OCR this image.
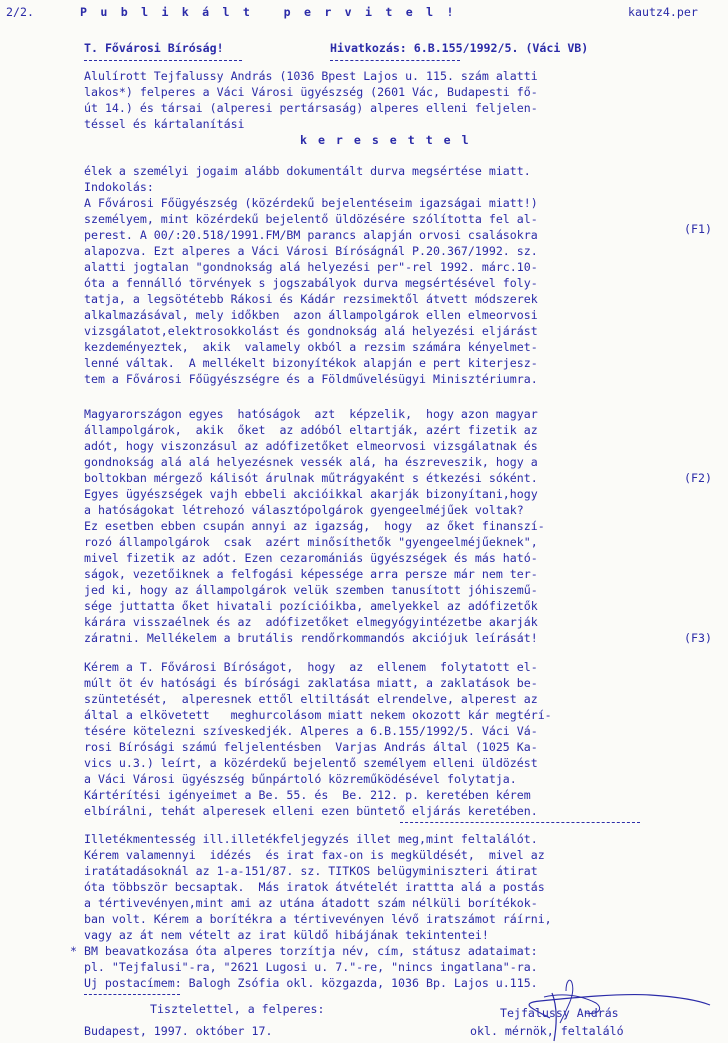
2/2.	P u b l i k á l t   p e r v i t e l !	kautz4.per
T. Fővárosi Bíróság!	Hivatkozás: 6.B.155/1992/5. (Váci VB)
Alulírott Tejfalussy András (1036 Bpest Lajos u. 115. szám alatti
lakos*) felperes a Váci Városi ügyészség (2601 Vác, Budapesti fő-
út 14.) és társai (alperesi pertársaság) alperes elleni feljelen-
téssel és kártalanítási
k e r e s e t t e l
élek a személyi jogaim alább dokumentált durva megsértése miatt.
Indokolás:
A Fővárosi Főügyészség (közérdekű bejelentéseim igazságai miatt!)
személyem, mint közérdekű bejelentő üldözésére szólította fel al-
perest. A 00/:20.518/1991.FM/BM parancs alapján orvosi csalásokra
alapozva. Ezt alperes a Váci Városi Bíróságnál P.20.367/1992. sz.
alatti jogtalan "gondnokság alá helyezési per"-rel 1992. márc.10-
óta a fennálló törvények s jogszabályok durva megsértésével foly-
tatja, a legsötétebb Rákosi és Kádár rezsimektől átvett módszerek
alkalmazásával, mely időkben  azon állampolgárok ellen elmeorvosi
vizsgálatot,elektrosokkolást és gondnokság alá helyezési eljárást
kezdeményeztek,  akik  valamely okból a rezsim számára kényelmet-
lenné váltak.  A mellékelt bizonyítékok alapján e pert kiterjesz-
tem a Fővárosi Főügyészségre és a Földművelésügyi Minisztériumra.
(F1)
Magyarországon egyes  hatóságok  azt  képzelik,  hogy azon magyar
állampolgárok,  akik  őket  az adóból eltartják, azért fizetik az
adót, hogy viszonzásul az adófizetőket elmeorvosi vizsgálatnak és
gondnokság alá alá helyezésnek vessék alá, ha észreveszik, hogy a
boltokban mérgező kálisót árulnak műtrágyaként s étkezési sóként.
Egyes ügyészségek vajh ebbeli akcióikkal akarják bizonyítani,hogy
a hatóságokat létrehozó választópolgárok gyengeelméjűek voltak?
Ez esetben ebben csupán annyi az igazság,  hogy  az őket finanszí-
rozó állampolgárok  csak  azért minősíthetők "gyengeelméjűeknek",
mivel fizetik az adót. Ezen cezaromániás ügyészségek és más ható-
ságok, vezetőiknek a felfogási képessége arra persze már nem ter-
jed ki, hogy az állampolgárok velük szemben tanusított jóhiszemű-
sége juttatta őket hivatali pozícióikba, amelyekkel az adófizetők
kárára visszaélnek és az  adófizetőket elmegyógyintézetbe akarják
záratni. Mellékelem a brutális rendőrkommandós akciójuk leírását!
(F2)
(F3)
Kérem a T. Fővárosi Bíróságot,  hogy  az  ellenem  folytatott el-
múlt öt év hatósági és bírósági zaklatása miatt, a zaklatások be-
szüntetését,  alperesnek ettől eltiltását elrendelve, alperest az
által a elkövetett   meghurcolásom miatt nekem okozott kár megtérí-
tésére kötelezni szíveskedjék. Alperes a 6.B.155/1992/5. Váci Vá-
rosi Bírósági számú feljelentésben  Varjas András által (1025 Ka-
vics u.3.) leírt, a közérdekű bejelentő személyem elleni üldözést
a Váci Városi ügyészség bűnpártoló közreműködésével folytatja.
Kártérítési igényeimet a Be. 55. és  Be. 212. p. keretében kérem
elbírálni, tehát alperesek elleni ezen büntető eljárás keretében.
Illetékmentesség ill.illetékfeljegyzés illet meg,mint feltalálót.
Kérem valamennyi  idézés  és irat fax-on is megküldését,  mivel az
iratátadásoknál az 1-a-151/87. sz. TITKOS belügyminiszteri átirat
óta többször becsaptak.  Más iratok átvételét irattta alá a postás
a tértivevényen,mint ami az utána átadott szám nélküli borítékok-
ban volt. Kérem a borítékra a tértivevényen lévő iratszámot ráírni,
vagy az át nem vételt az irat küldő hibájának tekintentei!
* BM beavatkozása óta alperes torzítja név, cím, státusz adataimat:
pl. "Tejfalusi"-ra, "2621 Lugosi u. 7."-re, "nincs ingatlana"-ra.
Uj postacímem: Balogh Zsófia okl. közgazda, 1036 Bp. Lajos u.115.
Tisztelettel, a felperes:	Tejfalussy András
Budapest, 1997. október 17.	okl. mérnök, feltaláló
